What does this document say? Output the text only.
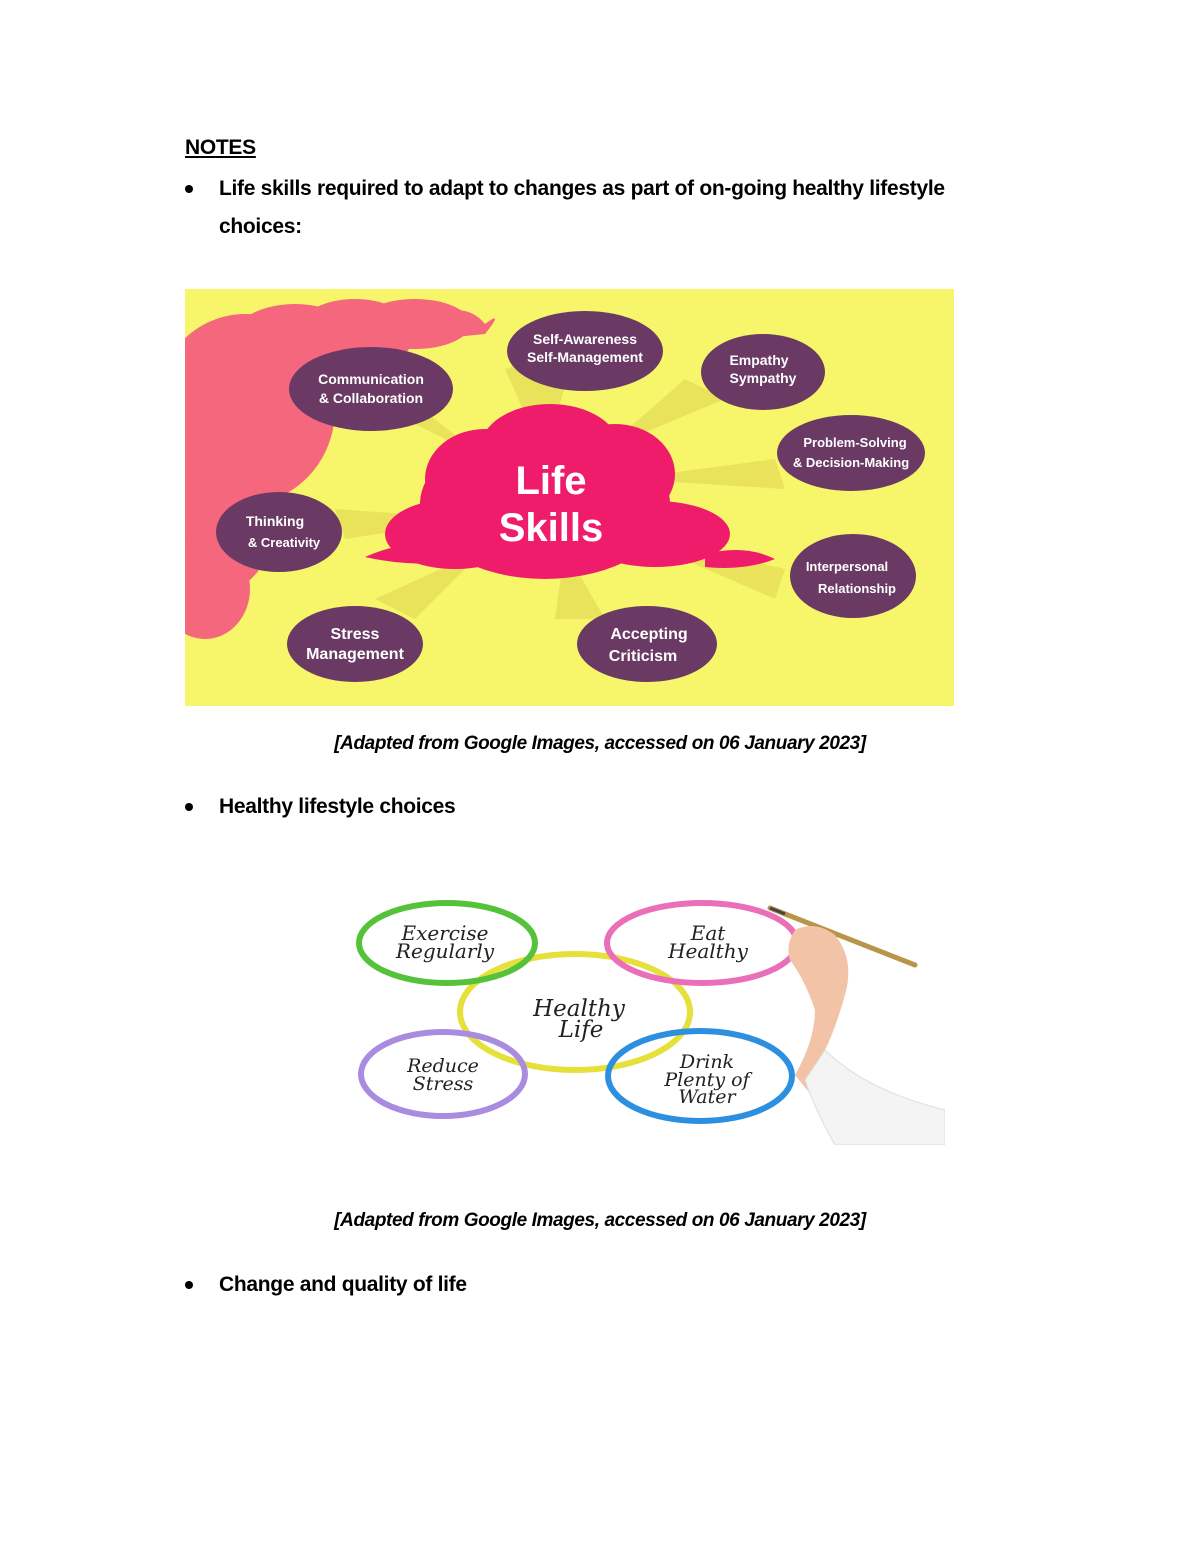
NOTES
Life skills required to adapt to changes as part of on-going healthy lifestyle
choices:
Life
Skills
Self-Awareness
Self-Management	Empathy
Sympathy
Communication
& Collaboration
Problem-Solving
& Decision-Making
Thinking
& Creativity
Interpersonal
Relationship
Stress
Management
Accepting
Criticism
[Adapted from Google Images, accessed on 06 January 2023]
Healthy lifestyle choices
Exercise
Regularly
Eat
Healthy
Healthy
Life
Reduce
Stress
Drink
Plenty of
Water
[Adapted from Google Images, accessed on 06 January 2023]
Change and quality of life
